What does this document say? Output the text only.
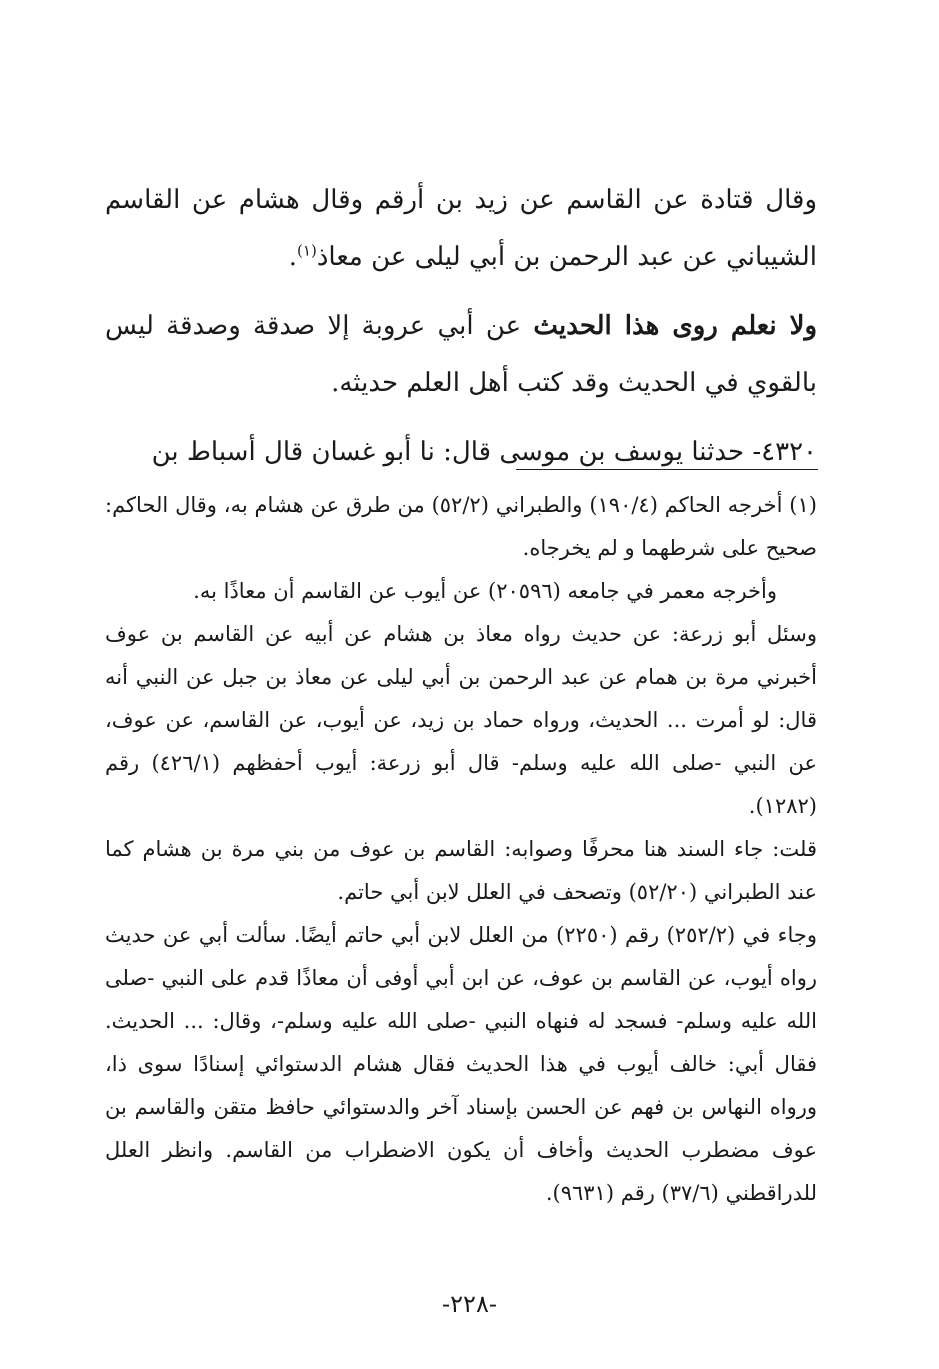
وقال قتادة عن القاسم عن زيد بن أرقم وقال هشام عن القاسم الشيباني عن عبد الرحمن بن أبي ليلى عن معاذ$^{(١)}$.

ولا نعلم روى هذا الحديث عن أبي عروبة إلا صدقة وصدقة ليس بالقوي في الحديث وقد كتب أهل العلم حديثه.

٤٣٢٠- حدثنا يوسف بن موسى قال: نا أبو غسان قال أسباط بن

(١) أخرجه الحاكم (١٩٠/٤) والطبراني (٥٢/٢) من طرق عن هشام به، وقال الحاكم: صحيح على شرطهما و لم يخرجاه.

وأخرجه معمر في جامعه (٢٠٥٩٦) عن أيوب عن القاسم أن معاذًا به.

وسئل أبو زرعة: عن حديث رواه معاذ بن هشام عن أبيه عن القاسم بن عوف أخبرني مرة بن همام عن عبد الرحمن بن أبي ليلى عن معاذ بن جبل عن النبي أنه قال: لو أمرت ... الحديث، ورواه حماد بن زيد، عن أيوب، عن القاسم، عن عوف، عن النبي -صلى الله عليه وسلم- قال أبو زرعة: أيوب أحفظهم (٤٢٦/١) رقم (١٢٨٢).

قلت: جاء السند هنا محرفًا وصوابه: القاسم بن عوف من بني مرة بن هشام كما عند الطبراني (٥٢/٢٠) وتصحف في العلل لابن أبي حاتم.

وجاء في (٢٥٢/٢) رقم (٢٢٥٠) من العلل لابن أبي حاتم أيضًا. سألت أبي عن حديث رواه أيوب، عن القاسم بن عوف، عن ابن أبي أوفى أن معاذًا قدم على النبي -صلى الله عليه وسلم- فسجد له فنهاه النبي -صلى الله عليه وسلم-، وقال: ... الحديث. فقال أبي: خالف أيوب في هذا الحديث فقال هشام الدستوائي إسنادًا سوى ذا، ورواه النهاس بن فهم عن الحسن بإسناد آخر والدستوائي حافظ متقن والقاسم بن عوف مضطرب الحديث وأخاف أن يكون الاضطراب من القاسم. وانظر العلل للدراقطني (٣٧/٦) رقم (٩٦٣١).

-٢٢٨-
